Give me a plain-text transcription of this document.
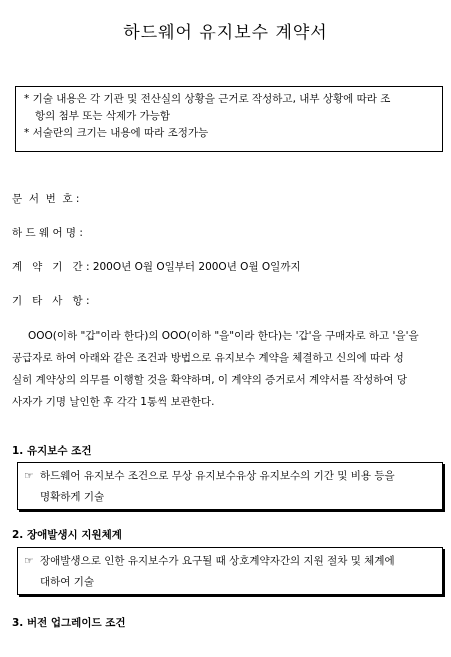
하드웨어 유지보수 계약서
* 기술 내용은 각 기관 및 전산실의 상황을 근거로 작성하고, 내부 상황에 따라 조
항의 첨부 또는 삭제가 가능함
* 서술란의 크기는 내용에 따라 조정가능
문  서  번  호 :
하 드 웨 어 명 :
계   약   기   간 : 200O년 O월 O일부터 200O년 O월 O일까지
기   타   사   항 :
OOO(이하 "갑"이라 한다)의 OOO(이하 "을"이라 한다)는 '갑'을 구매자로 하고 '을'을
공급자로 하여 아래와 같은 조건과 방법으로 유지보수 계약을 체결하고 신의에 따라 성
실히 계약상의 의무를 이행할 것을 확약하며, 이 계약의 증거로서 계약서를 작성하여 당
사자가 기명 날인한 후 각각 1통씩 보관한다.
1. 유지보수 조건
☞ 하드웨어 유지보수 조건으로 무상 유지보수유상 유지보수의 기간 및 비용 등을
명확하게 기술
2. 장애발생시 지원체계
☞ 장애발생으로 인한 유지보수가 요구될 때 상호계약자간의 지원 절차 및 체계에
대하여 기술
3. 버전 업그레이드 조건
